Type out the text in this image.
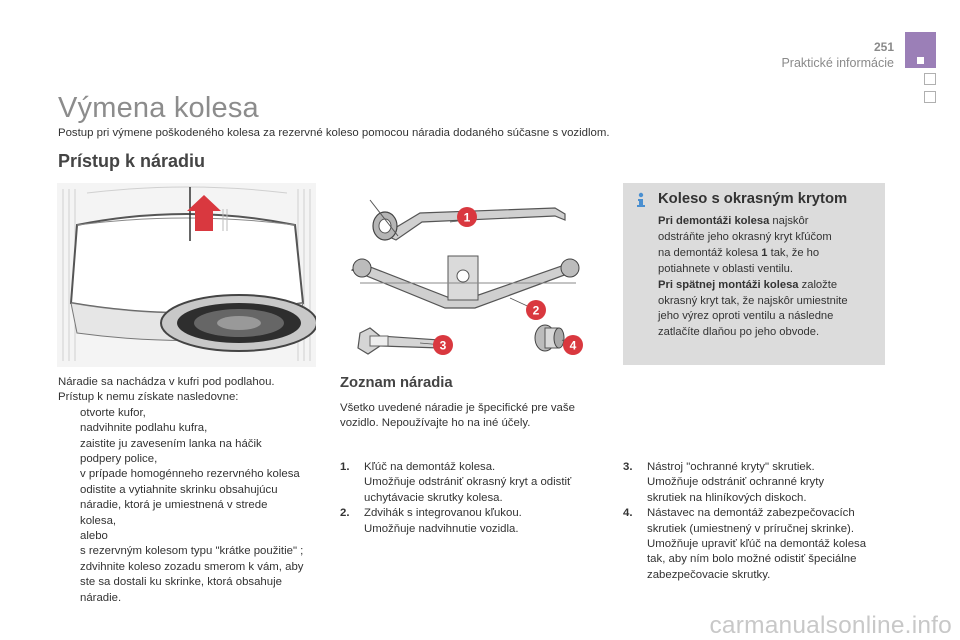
251
Praktické informácie
Výmena kolesa
Postup pri výmene poškodeného kolesa za rezervné koleso pomocou náradia dodaného súčasne s vozidlom.
Prístup k náradiu
1
2
3	4
Náradie sa nachádza v kufri pod podlahou.
Prístup k nemu získate nasledovne:
otvorte kufor,
nadvihnite podlahu kufra,
zaistite ju zavesením lanka na háčik
podpery police,
v prípade homogénneho rezervného kolesa
odistite a vytiahnite skrinku obsahujúcu
náradie, ktorá je umiestnená v strede
kolesa,
alebo
s rezervným kolesom typu "krátke použitie" ;
zdvihnite koleso zozadu smerom k vám, aby
ste sa dostali ku skrinke, ktorá obsahuje
náradie.
Zoznam náradia
Všetko uvedené náradie je špecifické pre vaše
vozidlo. Nepoužívajte ho na iné účely.
1. Kľúč na demontáž kolesa.
Umožňuje odstrániť okrasný kryt a odistiť
uchytávacie skrutky kolesa.
2. Zdvihák s integrovanou kľukou.
Umožňuje nadvihnutie vozidla.
3. Nástroj "ochranné kryty" skrutiek.
Umožňuje odstrániť ochranné kryty
skrutiek na hliníkových diskoch.
4. Nástavec na demontáž zabezpečovacích
skrutiek (umiestnený v príručnej skrinke).
Umožňuje upraviť kľúč na demontáž kolesa
tak, aby ním bolo možné odistiť špeciálne
zabezpečovacie skrutky.
Koleso s okrasným krytom
Pri demontáži kolesa najskôr
odstráňte jeho okrasný kryt kľúčom
na demontáž kolesa 1 tak, že ho
potiahnete v oblasti ventilu.
Pri spätnej montáži kolesa založte
okrasný kryt tak, že najskôr umiestnite
jeho výrez oproti ventilu a následne
zatlačíte dlaňou po jeho obvode.
carmanualsonline.info
